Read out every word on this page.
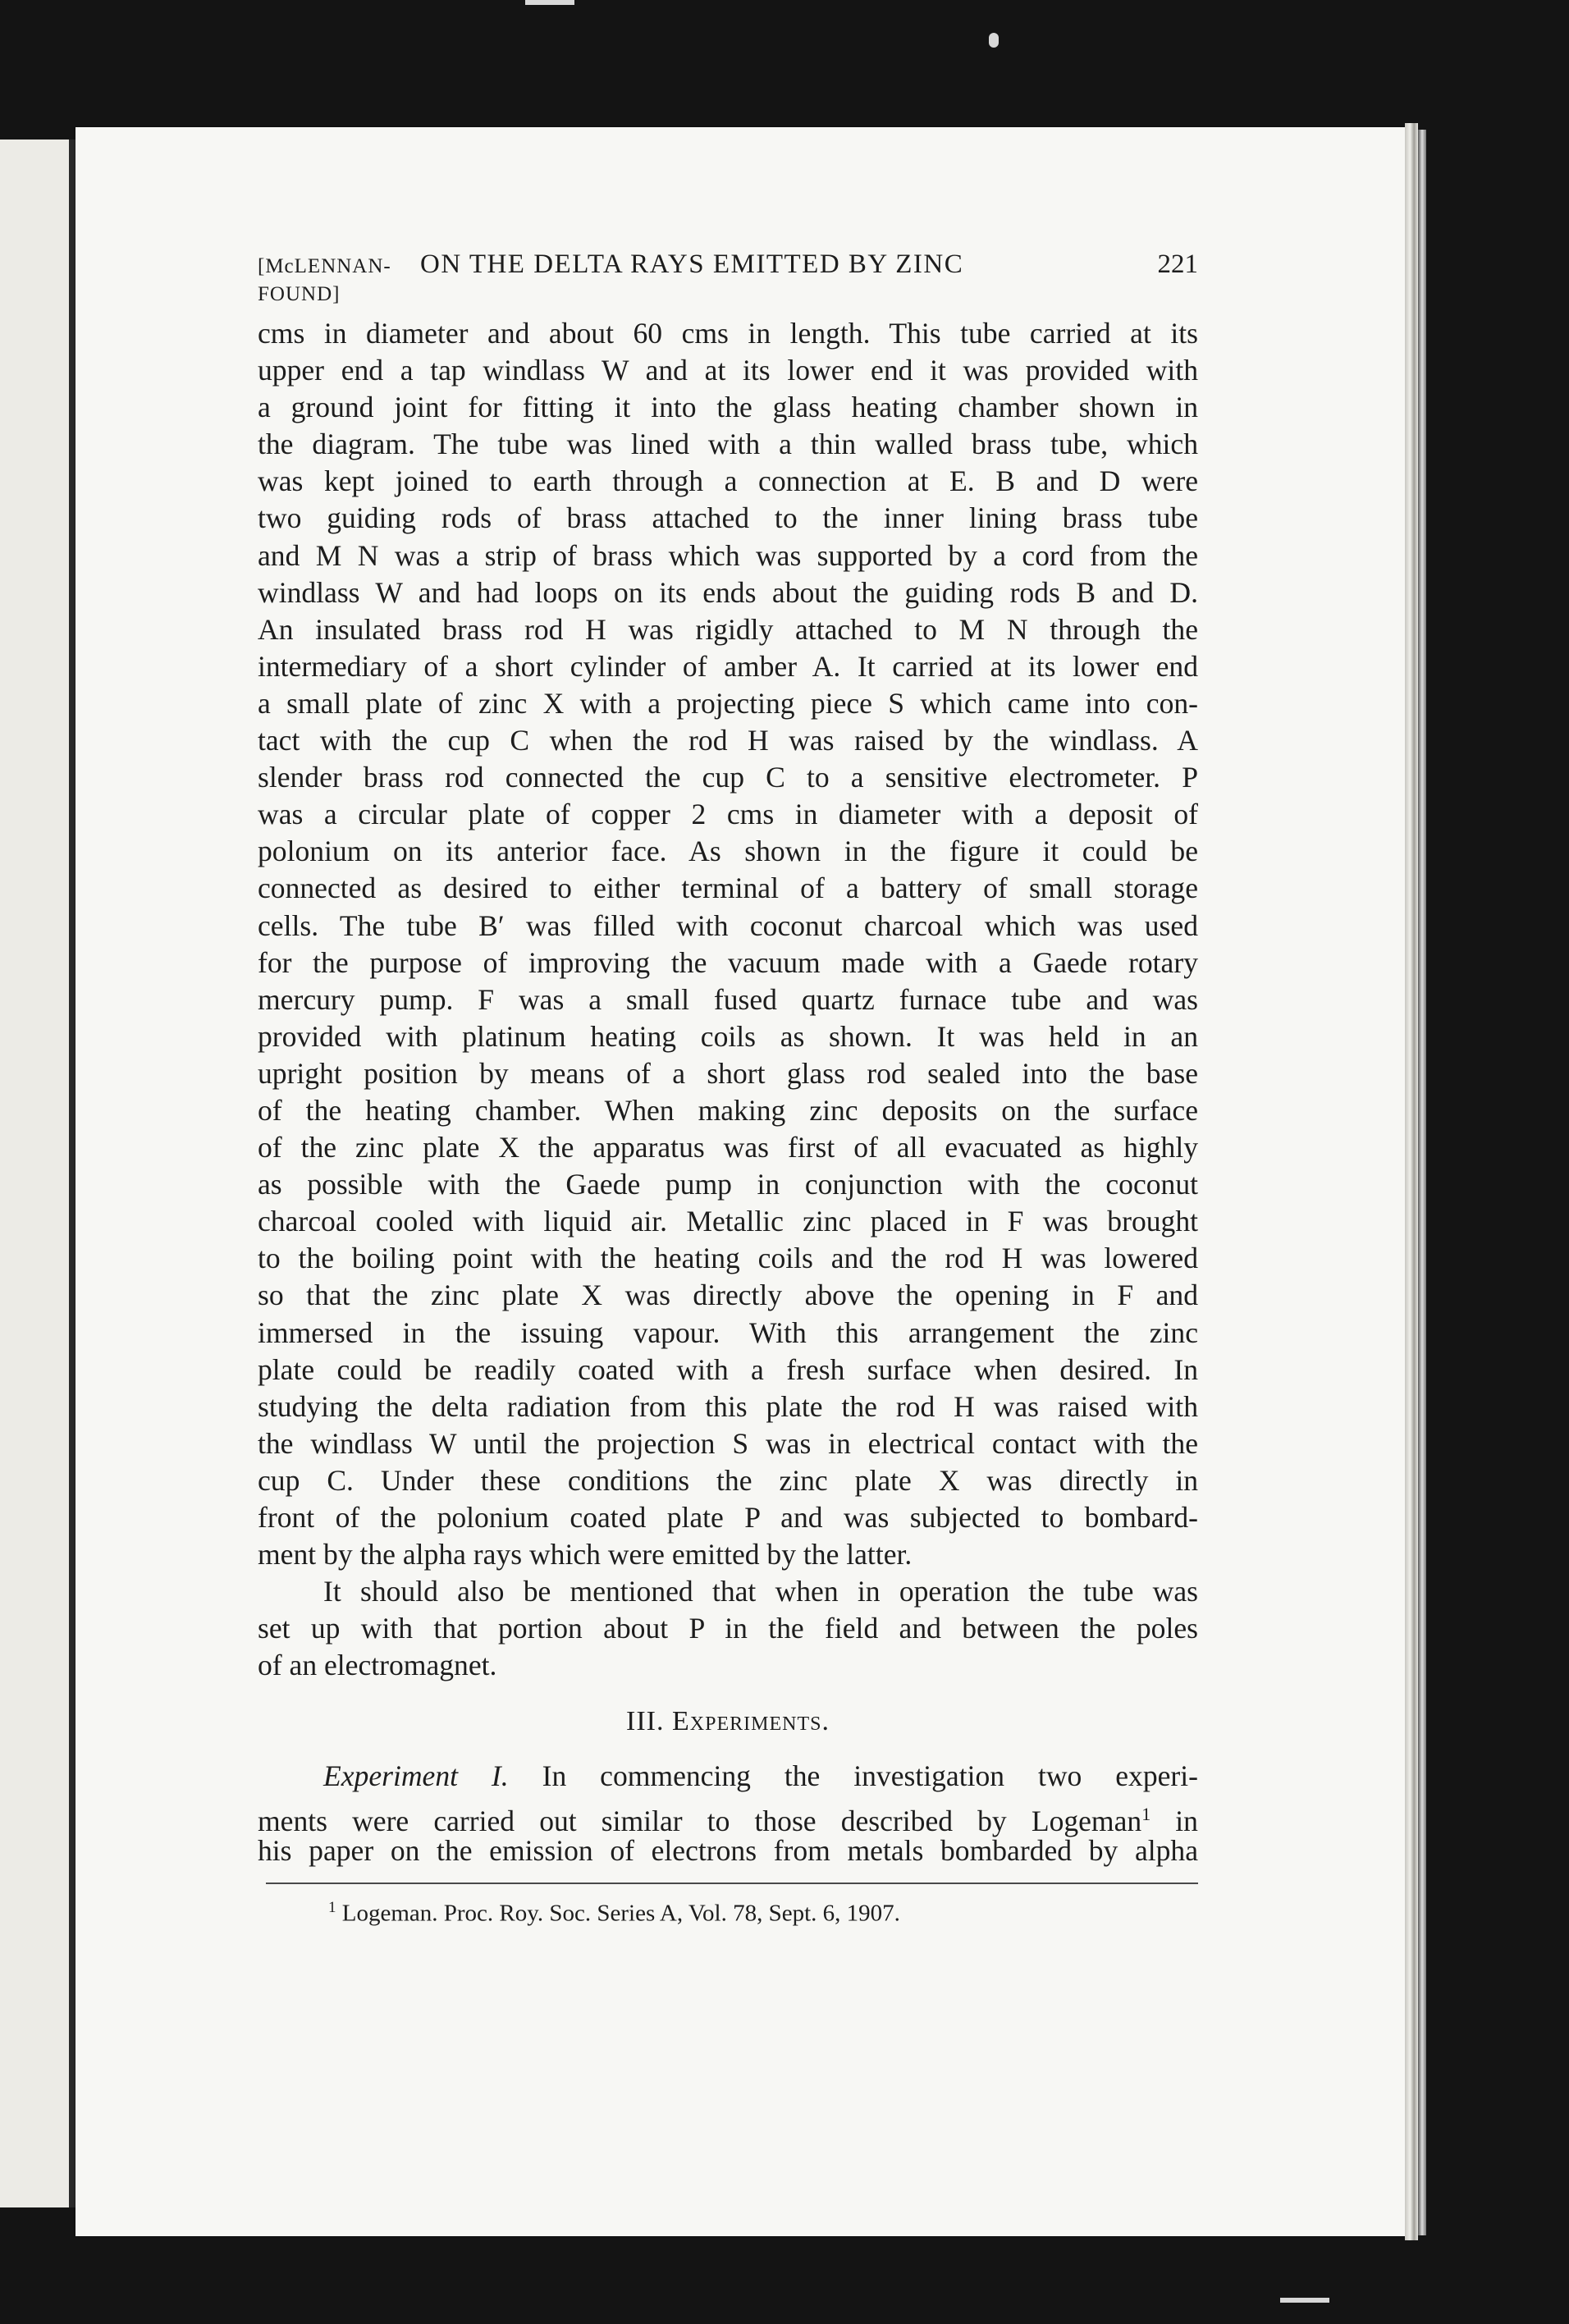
[McLENNAN-
FOUND]
ON THE DELTA RAYS EMITTED BY ZINC	221
cms in diameter and about 60 cms in length. This tube carried at its
upper end a tap windlass W and at its lower end it was provided with
a ground joint for fitting it into the glass heating chamber shown in
the diagram. The tube was lined with a thin walled brass tube, which
was kept joined to earth through a connection at E. B and D were
two guiding rods of brass attached to the inner lining brass tube
and M N was a strip of brass which was supported by a cord from the
windlass W and had loops on its ends about the guiding rods B and D.
An insulated brass rod H was rigidly attached to M N through the
intermediary of a short cylinder of amber A. It carried at its lower end
a small plate of zinc X with a projecting piece S which came into con-
tact with the cup C when the rod H was raised by the windlass. A
slender brass rod connected the cup C to a sensitive electrometer. P
was a circular plate of copper 2 cms in diameter with a deposit of
polonium on its anterior face. As shown in the figure it could be
connected as desired to either terminal of a battery of small storage
cells. The tube B′ was filled with coconut charcoal which was used
for the purpose of improving the vacuum made with a Gaede rotary
mercury pump. F was a small fused quartz furnace tube and was
provided with platinum heating coils as shown. It was held in an
upright position by means of a short glass rod sealed into the base
of the heating chamber. When making zinc deposits on the surface
of the zinc plate X the apparatus was first of all evacuated as highly
as possible with the Gaede pump in conjunction with the coconut
charcoal cooled with liquid air. Metallic zinc placed in F was brought
to the boiling point with the heating coils and the rod H was lowered
so that the zinc plate X was directly above the opening in F and
immersed in the issuing vapour. With this arrangement the zinc
plate could be readily coated with a fresh surface when desired. In
studying the delta radiation from this plate the rod H was raised with
the windlass W until the projection S was in electrical contact with the
cup C. Under these conditions the zinc plate X was directly in
front of the polonium coated plate P and was subjected to bombard-
ment by the alpha rays which were emitted by the latter.
It should also be mentioned that when in operation the tube was
set up with that portion about P in the field and between the poles
of an electromagnet.
III. Experiments.
Experiment I. In commencing the investigation two experi-
ments were carried out similar to those described by Logeman$^1$ in
his paper on the emission of electrons from metals bombarded by alpha
$^1$ Logeman. Proc. Roy. Soc. Series A, Vol. 78, Sept. 6, 1907.
